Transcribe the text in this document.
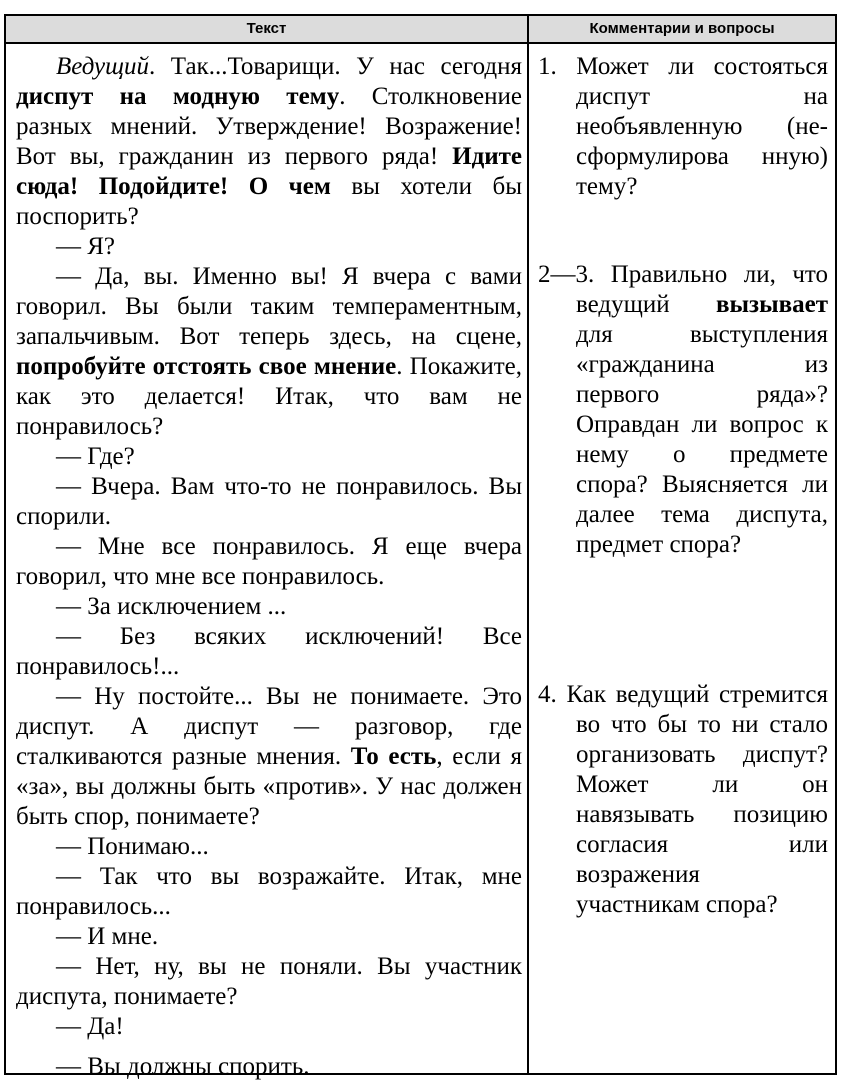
Текст	Комментарии и вопросы

Ведущий. Так...Товарищи. У нас сегодня диспут на модную тему. Столкновение разных мнений. Утверждение! Возражение! Вот вы, гражданин из первого ряда! Идите сюда! Подойдите! О чем вы хотели бы поспорить?

— Я?

— Да, вы. Именно вы! Я вчера с вами говорил. Вы были таким темпераментным, запальчивым. Вот теперь здесь, на сцене, попробуйте отстоять свое мнение. Покажите, как это делается! Итак, что вам не понравилось?

— Где?

— Вчера. Вам что-то не понравилось. Вы спорили.

— Мне все понравилось. Я еще вчера говорил, что мне все понравилось.

— За исключением ...

— Без всяких исключений! Все понравилось!...

— Ну постойте... Вы не понимаете. Это диспут. А диспут — разговор, где сталкиваются разные мнения. То есть, если я «за», вы должны быть «против». У нас должен быть спор, понимаете?

— Понимаю...

— Так что вы возражайте. Итак, мне понравилось...

— И мне.

— Нет, ну, вы не поняли. Вы участник диспута, понимаете?

— Да!

— Вы должны спорить.

1. Может ли состояться диспут на необъявленную (не-сформулирова нную) тему?

2—3. Правильно ли, что ведущий вызывает для выступления «гражданина из первого ряда»? Оправдан ли вопрос к нему о предмете спора? Выясняется ли далее тема диспута, предмет спора?

4. Как ведущий стремится во что бы то ни стало организовать диспут? Может ли он навязывать позицию согласия или возражения участникам спора?
